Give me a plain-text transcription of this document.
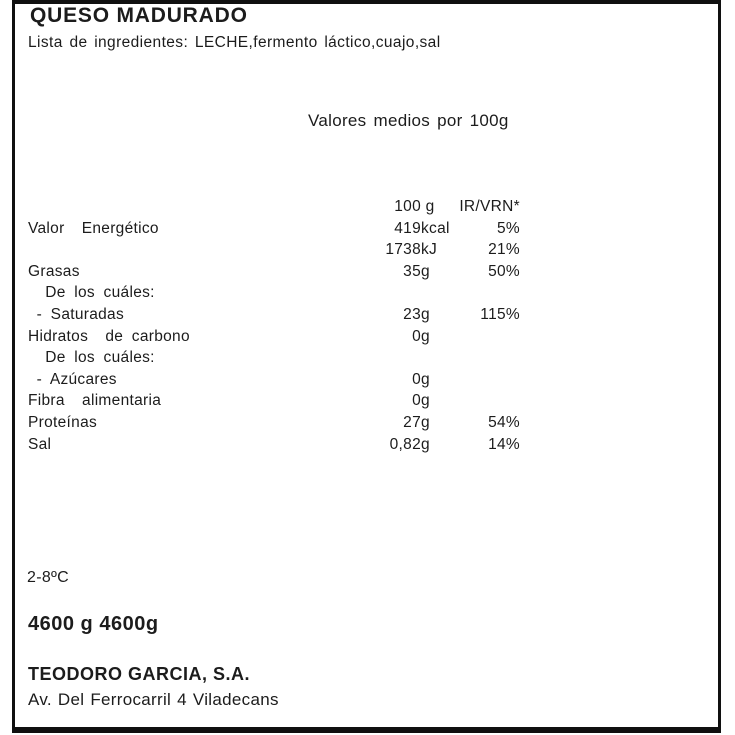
QUESO MADURADO
Lista de ingredientes: LECHE,fermento láctico,cuajo,sal
Valores medios por 100g
100 g	IR/VRN*
Valor  Energético	419 kcal	5%
1738 kJ	21%
Grasas	35 g	50%
De los cuáles:
- Saturadas	23 g	115%
Hidratos  de carbono	0 g
De los cuáles:
- Azúcares	0 g
Fibra  alimentaria	0 g
Proteínas	27 g	54%
Sal	0,82 g	14%
2-8ºC
4600 g 4600g
TEODORO GARCIA, S.A.
Av. Del Ferrocarril 4 Viladecans
